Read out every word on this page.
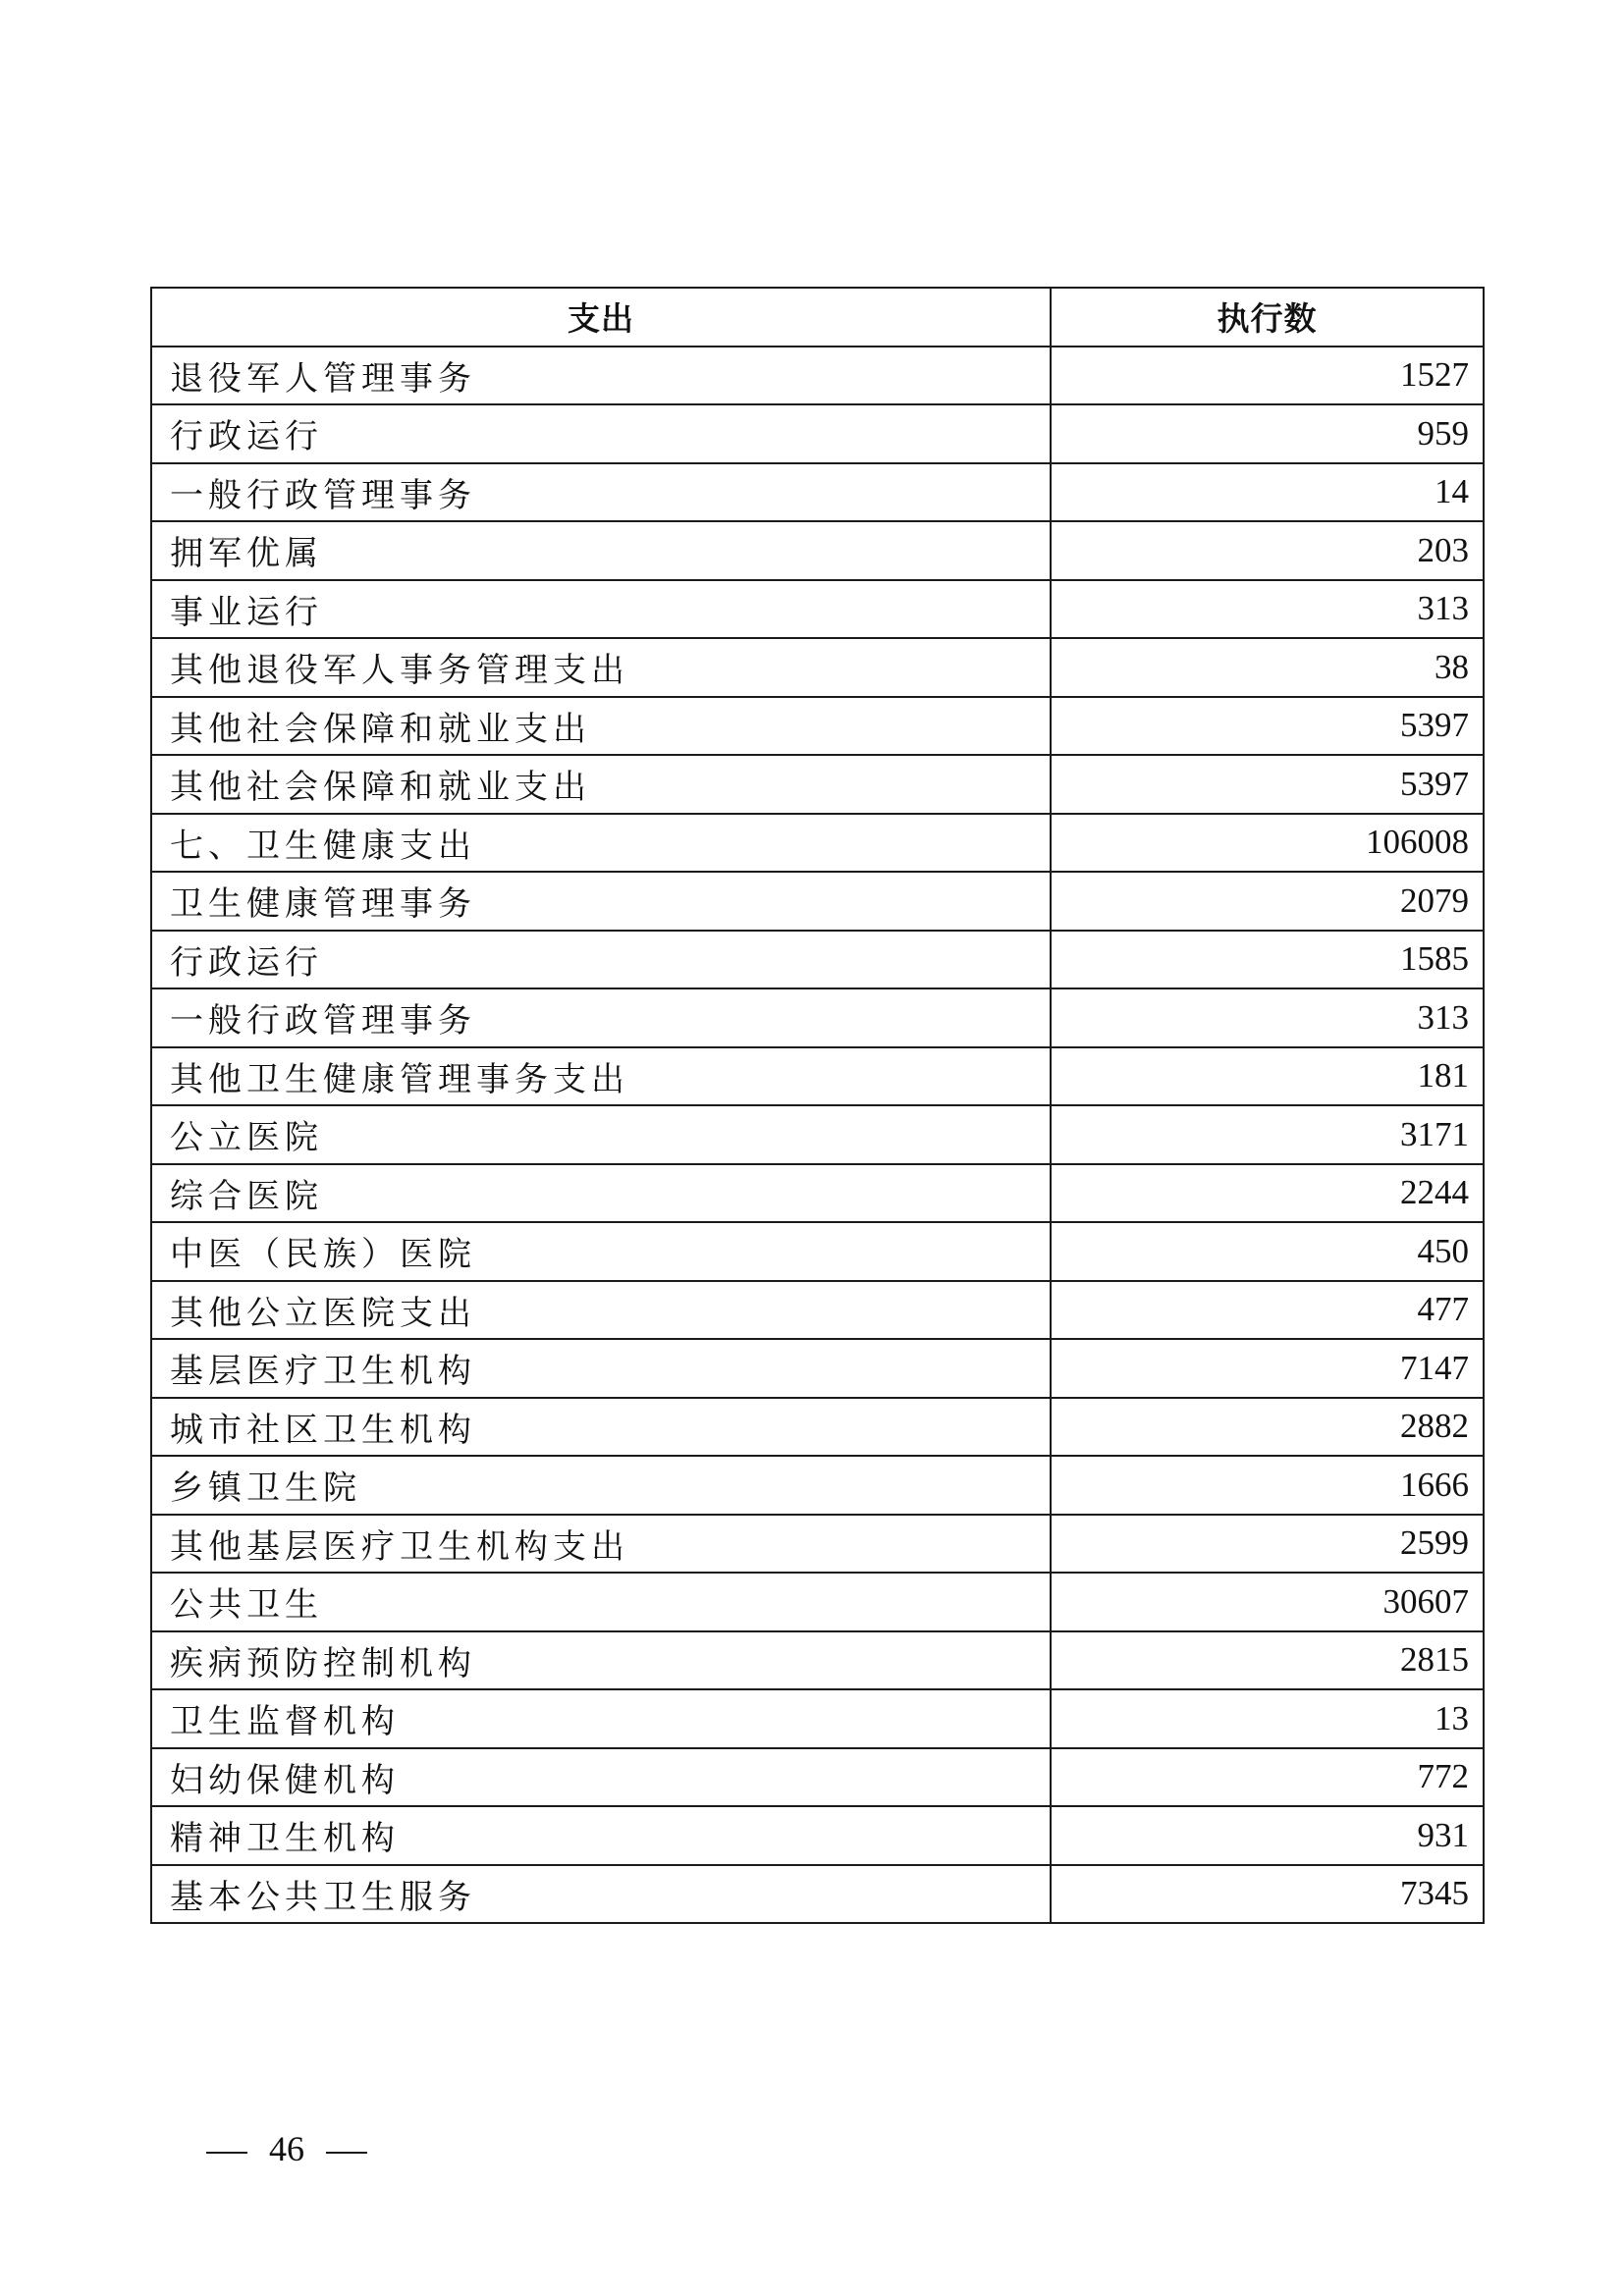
支出	执行数
退役军人管理事务	1527
行政运行	959
一般行政管理事务	14
拥军优属	203
事业运行	313
其他退役军人事务管理支出	38
其他社会保障和就业支出	5397
其他社会保障和就业支出	5397
七、卫生健康支出	106008
卫生健康管理事务	2079
行政运行	1585
一般行政管理事务	313
其他卫生健康管理事务支出	181
公立医院	3171
综合医院	2244
中医（民族）医院	450
其他公立医院支出	477
基层医疗卫生机构	7147
城市社区卫生机构	2882
乡镇卫生院	1666
其他基层医疗卫生机构支出	2599
公共卫生	30607
疾病预防控制机构	2815
卫生监督机构	13
妇幼保健机构	772
精神卫生机构	931
基本公共卫生服务	7345
46
